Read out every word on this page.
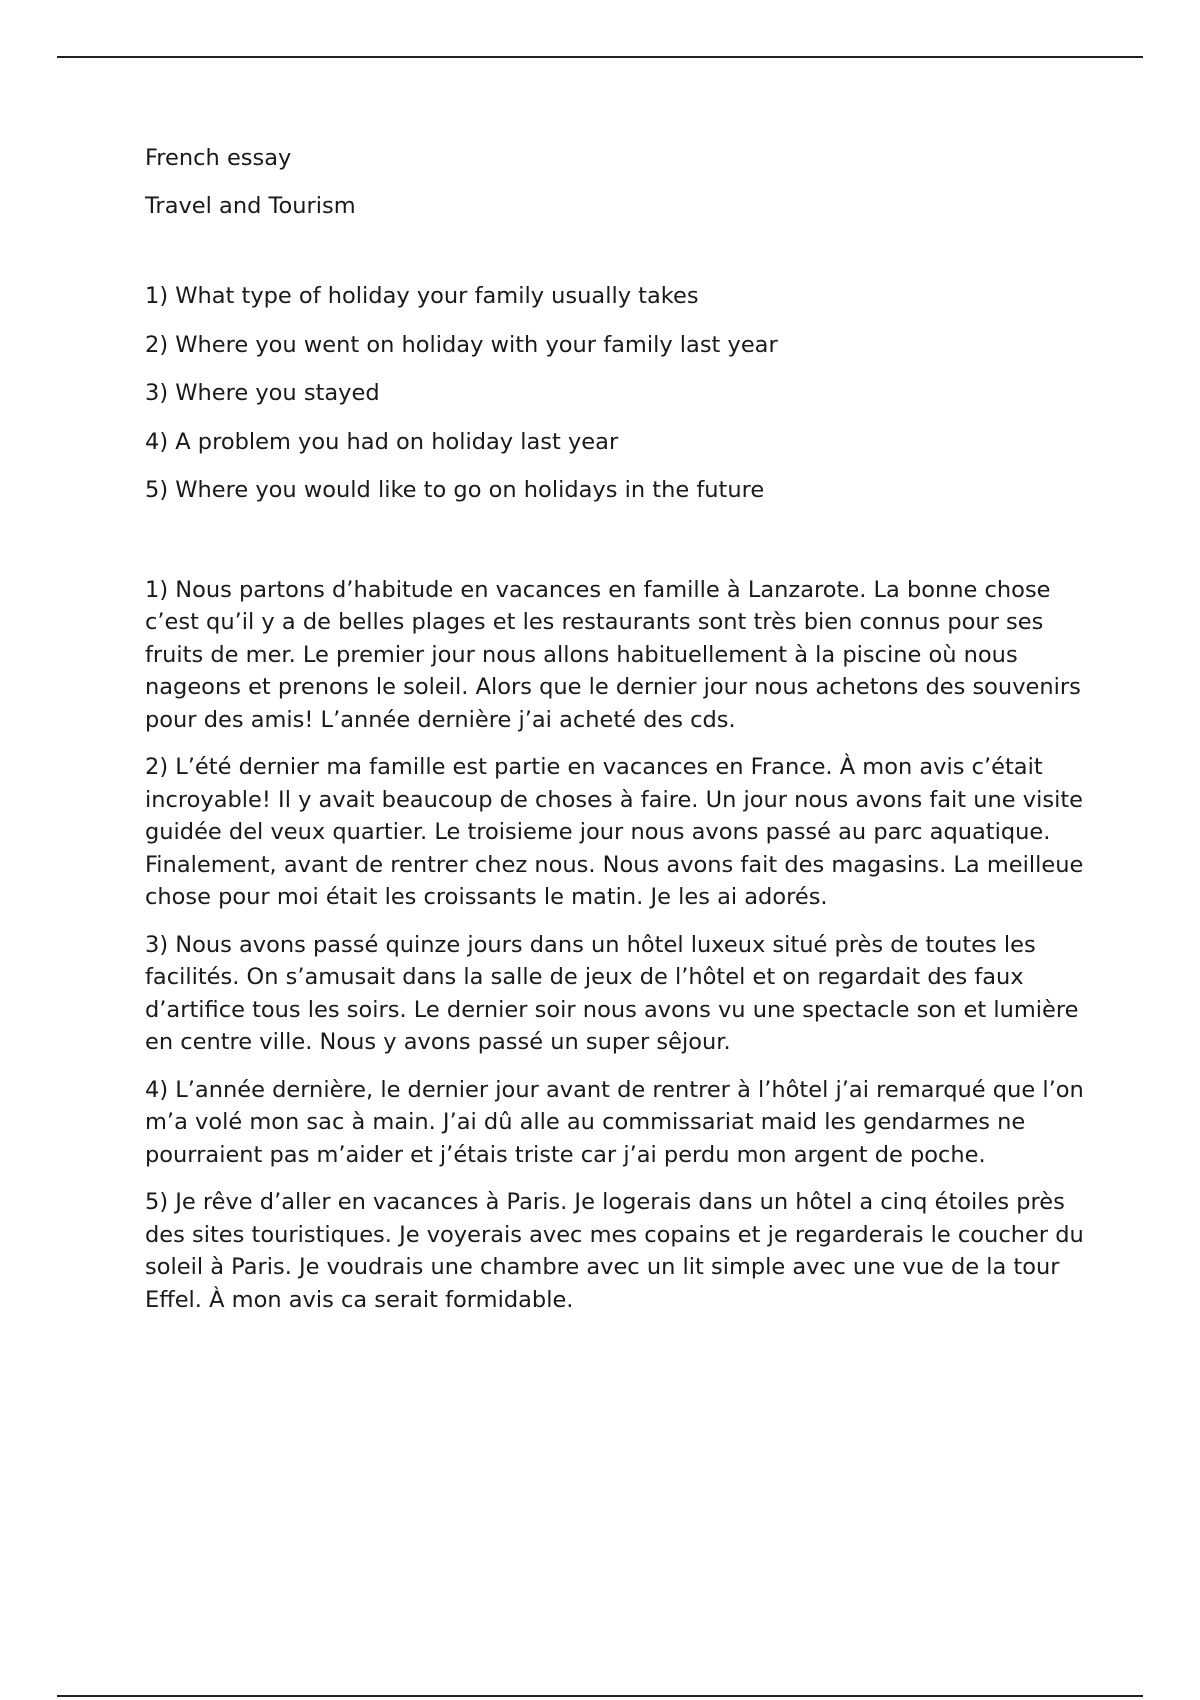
French essay

Travel and Tourism

1) What type of holiday your family usually takes

2) Where you went on holiday with your family last year

3) Where you stayed

4) A problem you had on holiday last year

5) Where you would like to go on holidays in the future

1) Nous partons d’habitude en vacances en famille à Lanzarote. La bonne chose c’est qu’il y a de belles plages et les restaurants sont très bien connus pour ses fruits de mer. Le premier jour nous allons habituellement à la piscine où nous nageons et prenons le soleil. Alors que le dernier jour nous achetons des souvenirs pour des amis! L’année dernière j’ai acheté des cds.

2) L’été dernier ma famille est partie en vacances en France. À mon avis c’était incroyable! Il y avait beaucoup de choses à faire. Un jour nous avons fait une visite guidée del veux quartier. Le troisieme jour nous avons passé au parc aquatique. Finalement, avant de rentrer chez nous. Nous avons fait des magasins. La meilleue chose pour moi était les croissants le matin. Je les ai adorés.

3) Nous avons passé quinze jours dans un hôtel luxeux situé près de toutes les facilités. On s’amusait dans la salle de jeux de l’hôtel et on regardait des faux d’artifice tous les soirs. Le dernier soir nous avons vu une spectacle son et lumière en centre ville. Nous y avons passé un super sêjour.

4) L’année dernière, le dernier jour avant de rentrer à l’hôtel j’ai remarqué que l’on m’a volé mon sac à main. J’ai dû alle au commissariat maid les gendarmes ne pourraient pas m’aider et j’étais triste car j’ai perdu mon argent de poche.

5) Je rêve d’aller en vacances à Paris. Je logerais dans un hôtel a cinq étoiles près des sites touristiques. Je voyerais avec mes copains et je regarderais le coucher du soleil à Paris. Je voudrais une chambre avec un lit simple avec une vue de la tour Effel. À mon avis ca serait formidable.
